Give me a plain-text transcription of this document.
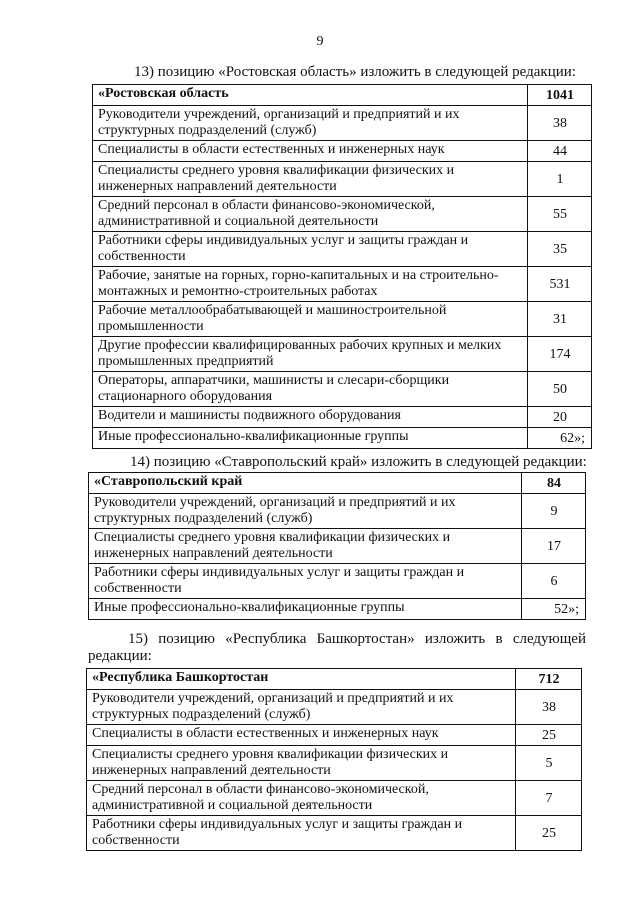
9
13) позицию «Ростовская область» изложить в следующей редакции:
«Ростовская область	1041
Руководители учреждений, организаций и предприятий и их структурных подразделений (служб)	38
Специалисты в области естественных и инженерных наук	44
Специалисты среднего уровня квалификации физических и инженерных направлений деятельности	1
Средний персонал в области финансово-экономической, административной и социальной деятельности	55
Работники сферы индивидуальных услуг и защиты граждан и собственности	35
Рабочие, занятые на горных, горно-капитальных и на строительно-монтажных и ремонтно-строительных работах	531
Рабочие металлообрабатывающей и машиностроительной промышленности	31
Другие профессии квалифицированных рабочих крупных и мелких промышленных предприятий	174
Операторы, аппаратчики, машинисты и слесари-сборщики стационарного оборудования	50
Водители и машинисты подвижного оборудования	20
Иные профессионально-квалификационные группы	62»;
14) позицию «Ставропольский край» изложить в следующей редакции:
«Ставропольский край	84
Руководители учреждений, организаций и предприятий и их структурных подразделений (служб)	9
Специалисты среднего уровня квалификации физических и инженерных направлений деятельности	17
Работники сферы индивидуальных услуг и защиты граждан и собственности	6
Иные профессионально-квалификационные группы	52»;
15) позицию «Республика Башкортостан» изложить в следующей редакции:
«Республика Башкортостан	712
Руководители учреждений, организаций и предприятий и их структурных подразделений (служб)	38
Специалисты в области естественных и инженерных наук	25
Специалисты среднего уровня квалификации физических и инженерных направлений деятельности	5
Средний персонал в области финансово-экономической, административной и социальной деятельности	7
Работники сферы индивидуальных услуг и защиты граждан и собственности	25
